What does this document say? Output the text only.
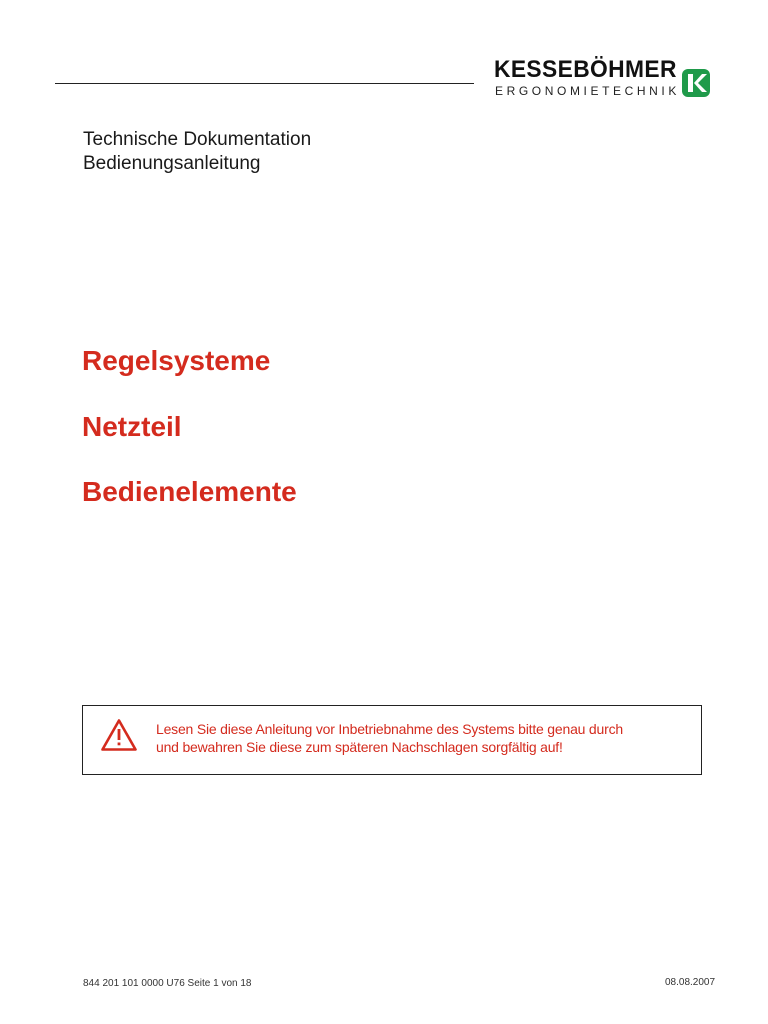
KESSEBÖHMER
ERGONOMIETECHNIK
Technische Dokumentation
Bedienungsanleitung
Regelsysteme
Netzteil
Bedienelemente
Lesen Sie diese Anleitung vor Inbetriebnahme des Systems bitte genau durch
und bewahren Sie diese zum späteren Nachschlagen sorgfältig auf!
844 201 101 0000 U76 Seite 1 von 18	08.08.2007
